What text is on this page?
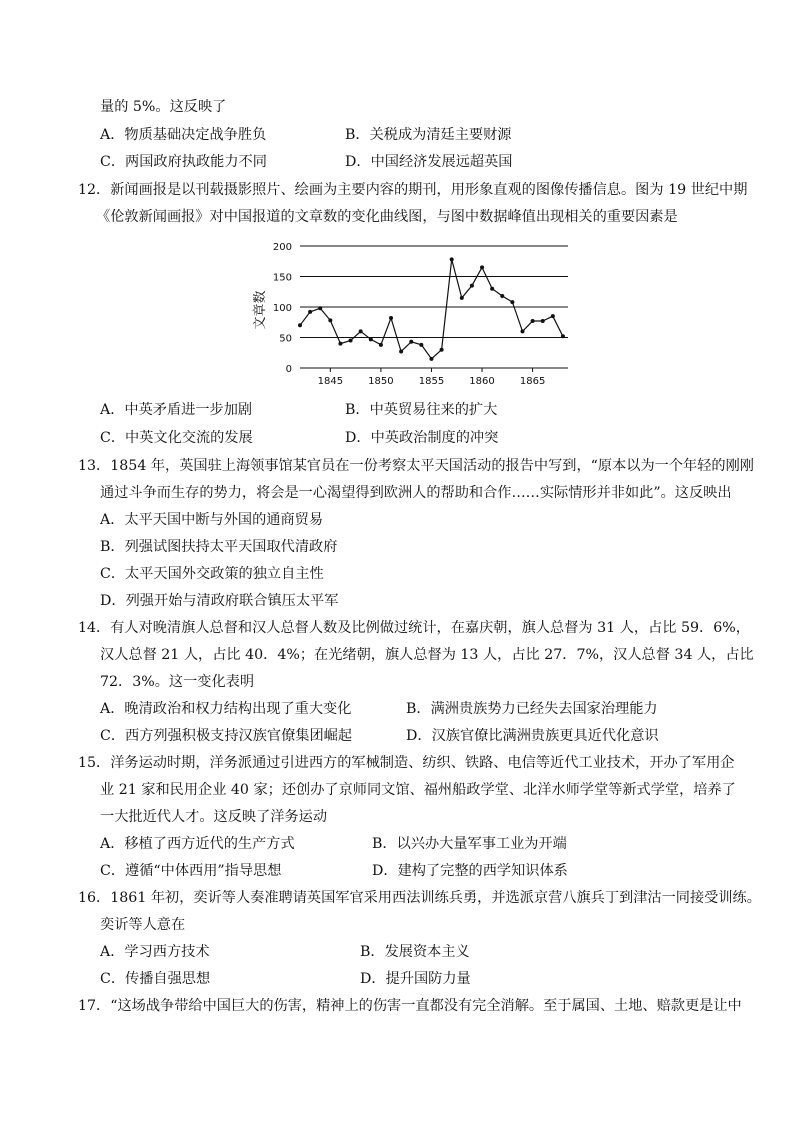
量的 5%。这反映了
A．物质基础决定战争胜负	B．关税成为清廷主要财源
C．两国政府执政能力不同	D．中国经济发展远超英国
12．新闻画报是以刊载摄影照片、绘画为主要内容的期刊，用形象直观的图像传播信息。图为 19 世纪中期
《伦敦新闻画报》对中国报道的文章数的变化曲线图，与图中数据峰值出现相关的重要因素是
0
50
100
150
200
1845	1850	1855	1860	1865
文章数
A．中英矛盾进一步加剧	B．中英贸易往来的扩大
C．中英文化交流的发展	D．中英政治制度的冲突
13．1854 年，英国驻上海领事馆某官员在一份考察太平天国活动的报告中写到，“原本以为一个年轻的刚刚
通过斗争而生存的势力，将会是一心渴望得到欧洲人的帮助和合作……实际情形并非如此”。这反映出
A．太平天国中断与外国的通商贸易
B．列强试图扶持太平天国取代清政府
C．太平天国外交政策的独立自主性
D．列强开始与清政府联合镇压太平军
14．有人对晚清旗人总督和汉人总督人数及比例做过统计，在嘉庆朝，旗人总督为 31 人，占比 59．6%，
汉人总督 21 人，占比 40．4%；在光绪朝，旗人总督为 13 人，占比 27．7%，汉人总督 34 人，占比
72．3%。这一变化表明
A．晚清政治和权力结构出现了重大变化	B．满洲贵族势力已经失去国家治理能力
C．西方列强积极支持汉族官僚集团崛起	D．汉族官僚比满洲贵族更具近代化意识
15．洋务运动时期，洋务派通过引进西方的军械制造、纺织、铁路、电信等近代工业技术，开办了军用企
业 21 家和民用企业 40 家；还创办了京师同文馆、福州船政学堂、北洋水师学堂等新式学堂，培养了
一大批近代人才。这反映了洋务运动
A．移植了西方近代的生产方式	B．以兴办大量军事工业为开端
C．遵循“中体西用”指导思想	D．建构了完整的西学知识体系
16．1861 年初，奕䜣等人奏准聘请英国军官采用西法训练兵勇，并选派京营八旗兵丁到津沽一同接受训练。
奕䜣等人意在
A．学习西方技术	B．发展资本主义
C．传播自强思想	D．提升国防力量
17．“这场战争带给中国巨大的伤害，精神上的伤害一直都没有完全消解。至于属国、土地、赔款更是让中
